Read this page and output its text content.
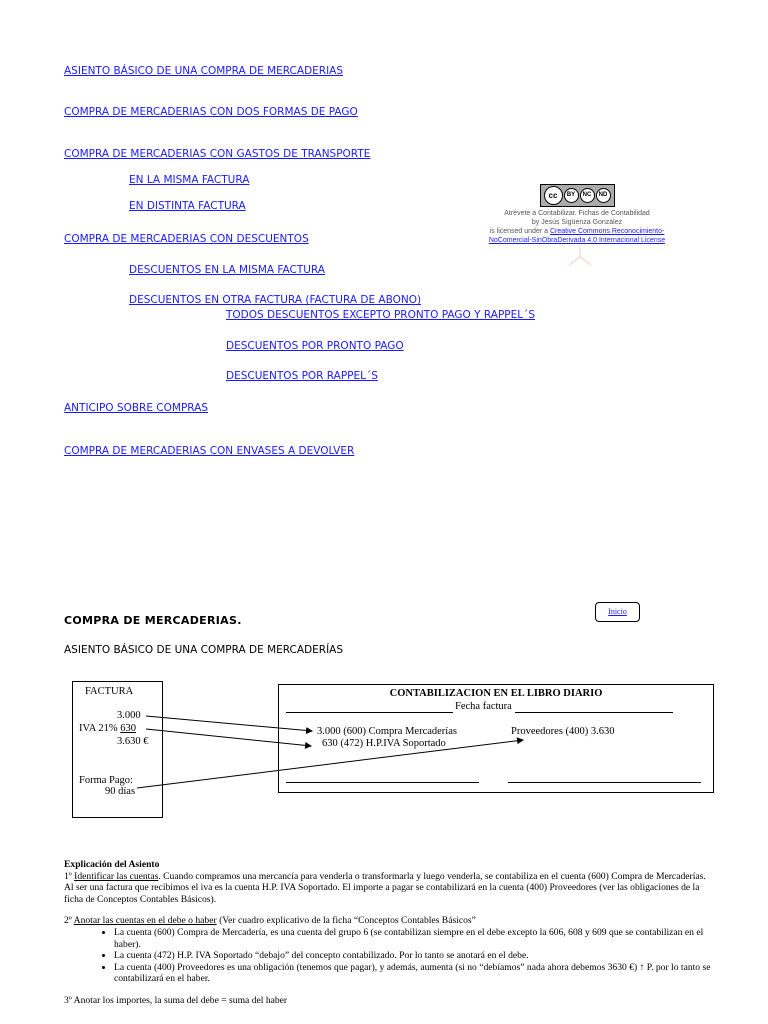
ASIENTO BÁSICO DE UNA COMPRA DE MERCADERIAS
COMPRA DE MERCADERIAS CON DOS FORMAS DE PAGO
COMPRA DE MERCADERIAS CON GASTOS DE TRANSPORTE
EN LA MISMA FACTURA
EN DISTINTA FACTURA
COMPRA DE MERCADERIAS CON DESCUENTOS
DESCUENTOS EN LA MISMA FACTURA
DESCUENTOS EN OTRA FACTURA (FACTURA DE ABONO)
TODOS DESCUENTOS EXCEPTO PRONTO PAGO Y RAPPEL´S
DESCUENTOS POR PRONTO PAGO
DESCUENTOS POR RAPPEL´S
ANTICIPO SOBRE COMPRAS
COMPRA DE MERCADERIAS CON ENVASES A DEVOLVER
cc	BY	NC	ND
Atrévete a Contabilizar. Fichas de Contabilidad
by Jesús Sigüenza González
is licensed under a Creative Commons Reconocimiento-NoComercial-SinObraDerivada 4.0 Internacional License
COMPRA DE MERCADERIAS.
ASIENTO BÁSICO DE UNA COMPRA DE MERCADERÍAS
Inicio
FACTURA
3.000
IVA 21% 630
3.630 €
Forma Pago:
90 días
CONTABILIZACION EN EL LIBRO DIARIO
Fecha factura
3.000 (600) Compra Mercaderías
630 (472) H.P.IVA Soportado
Proveedores (400) 3.630

Explicación del Asiento

1º Identificar las cuentas. Cuando compramos una mercancía para venderla o transformarla y luego venderla, se contabiliza en el cuenta (600) Compra de Mercaderías. Al ser una factura que recibimos el iva es la cuenta H.P. IVA Soportado. El importe a pagar se contabilizará en la cuenta (400) Proveedores (ver las obligaciones de la ficha de Conceptos Contables Básicos).

2º Anotar las cuentas en el debe o haber (Ver cuadro explicativo de la ficha “Conceptos Contables Básicos”

• La cuenta (600) Compra de Mercadería, es una cuenta del grupo 6 (se contabilizan siempre en el debe excepto la 606, 608 y 609 que se contabilizan en el haber).
• La cuenta (472) H.P. IVA Soportado “debajo” del concepto contabilizado. Por lo tanto se anotará en el debe.
• La cuenta (400) Proveedores es una obligación (tenemos que pagar), y además, aumenta (si no “debíamos” nada ahora debemos 3630 €) ↑ P. por lo tanto se contabilizará en el haber.

3º Anotar los importes, la suma del debe = suma del haber
